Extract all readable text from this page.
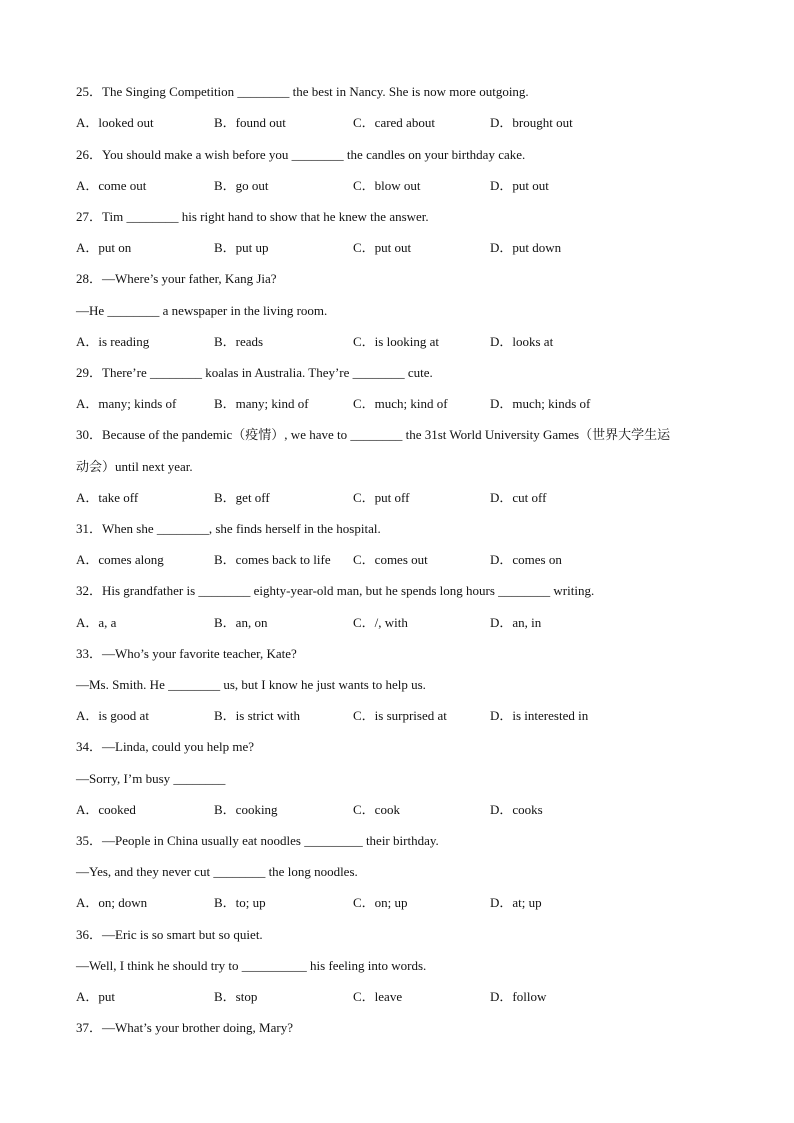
25．The Singing Competition ________ the best in Nancy. She is now more outgoing.
A．looked out	B．found out	C．cared about	D．brought out
26．You should make a wish before you ________ the candles on your birthday cake.
A．come out	B．go out	C．blow out	D．put out
27．Tim ________ his right hand to show that he knew the answer.
A．put on	B．put up	C．put out	D．put down
28．—Where’s your father, Kang Jia?
—He ________ a newspaper in the living room.
A．is reading	B．reads	C．is looking at	D．looks at
29．There’re ________ koalas in Australia. They’re ________ cute.
A．many; kinds of	B．many; kind of	C．much; kind of	D．much; kinds of
30．Because of the pandemic（疫情）, we have to ________ the 31st World University Games（世界大学生运
动会）until next year.
A．take off	B．get off	C．put off	D．cut off
31．When she ________, she finds herself in the hospital.
A．comes along	B．comes back to life C．comes out	D．comes on
32．His grandfather is ________ eighty-year-old man, but he spends long hours ________ writing.
A．a, a	B．an, on	C．/, with	D．an, in
33．—Who’s your favorite teacher, Kate?
—Ms. Smith. He ________ us, but I know he just wants to help us.
A．is good at	B．is strict with	C．is surprised at	D．is interested in
34．—Linda, could you help me?
—Sorry, I’m busy ________
A．cooked	B．cooking	C．cook	D．cooks
35．—People in China usually eat noodles _________ their birthday.
—Yes, and they never cut ________ the long noodles.
A．on; down	B．to; up	C．on; up	D．at; up
36．—Eric is so smart but so quiet.
—Well, I think he should try to __________ his feeling into words.
A．put	B．stop	C．leave	D．follow
37．—What’s your brother doing, Mary?
